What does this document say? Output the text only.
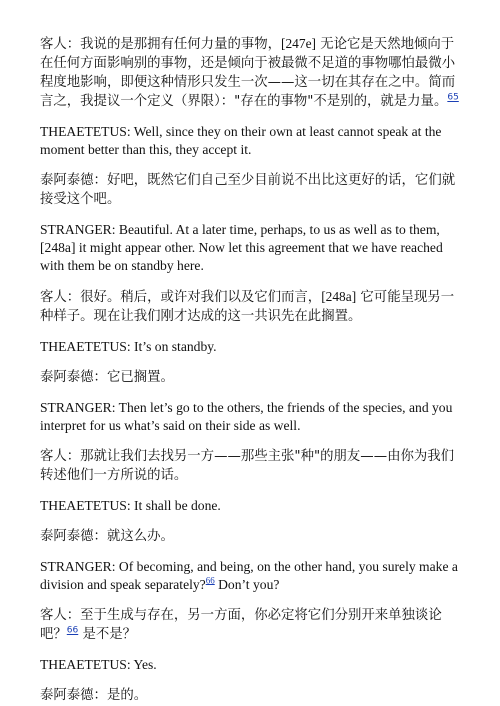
客人：我说的是那拥有任何力量的事物，[247e] 无论它是天然地倾向于在任何方面影响别的事物，还是倾向于被最微不足道的事物哪怕最微小程度地影响，即便这种情形只发生一次——这一切在其存在之中。简而言之，我提议一个定义（界限）："存在的事物"不是别的，就是力量。$^{65}$

THEAETETUS: Well, since they on their own at least cannot speak at the moment better than this, they accept it.

泰阿泰德：好吧，既然它们自己至少目前说不出比这更好的话，它们就接受这个吧。

STRANGER: Beautiful. At a later time, perhaps, to us as well as to them, [248a] it might appear other. Now let this agreement that we have reached with them be on standby here.

客人：很好。稍后，或许对我们以及它们而言，[248a] 它可能呈现另一种样子。现在让我们刚才达成的这一共识先在此搁置。

THEAETETUS: It’s on standby.

泰阿泰德：它已搁置。

STRANGER: Then let’s go to the others, the friends of the species, and you interpret for us what’s said on their side as well.

客人：那就让我们去找另一方——那些主张"种"的朋友——由你为我们转述他们一方所说的话。

THEAETETUS: It shall be done.

泰阿泰德：就这么办。

STRANGER: Of becoming, and being, on the other hand, you surely make a division and speak separately?$^{66}$ Don’t you?

客人：至于生成与存在，另一方面，你必定将它们分别开来单独谈论吧？$^{66}$ 是不是？

THEAETETUS: Yes.

泰阿泰德：是的。
